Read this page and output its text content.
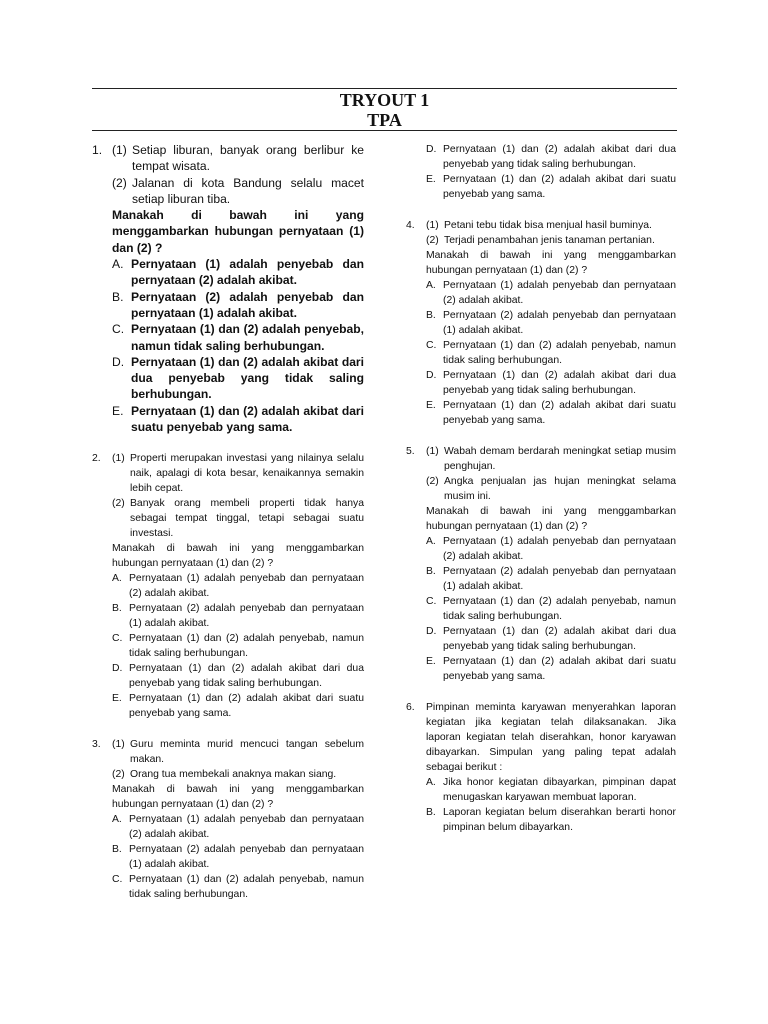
TRYOUT 1
TPA
1. (1) Setiap liburan, banyak orang berlibur ke tempat wisata.
(2) Jalanan di kota Bandung selalu macet setiap liburan tiba.
Manakah di bawah ini yang menggambarkan hubungan pernyataan (1) dan (2) ?
A. Pernyataan (1) adalah penyebab dan pernyataan (2) adalah akibat.
B. Pernyataan (2) adalah penyebab dan pernyataan (1) adalah akibat.
C. Pernyataan (1) dan (2) adalah penyebab, namun tidak saling berhubungan.
D. Pernyataan (1) dan (2) adalah akibat dari dua penyebab yang tidak saling berhubungan.
E. Pernyataan (1) dan (2) adalah akibat dari suatu penyebab yang sama.
2. (1) Properti merupakan investasi yang nilainya selalu naik, apalagi di kota besar, kenaikannya semakin lebih cepat.
(2) Banyak orang membeli properti tidak hanya sebagai tempat tinggal, tetapi sebagai suatu investasi.
Manakah di bawah ini yang menggambarkan hubungan pernyataan (1) dan (2) ?
A. Pernyataan (1) adalah penyebab dan pernyataan (2) adalah akibat.
B. Pernyataan (2) adalah penyebab dan pernyataan (1) adalah akibat.
C. Pernyataan (1) dan (2) adalah penyebab, namun tidak saling berhubungan.
D. Pernyataan (1) dan (2) adalah akibat dari dua penyebab yang tidak saling berhubungan.
E. Pernyataan (1) dan (2) adalah akibat dari suatu penyebab yang sama.
3. (1) Guru meminta murid mencuci tangan sebelum makan.
(2) Orang tua membekali anaknya makan siang.
Manakah di bawah ini yang menggambarkan hubungan pernyataan (1) dan (2) ?
A. Pernyataan (1) adalah penyebab dan pernyataan (2) adalah akibat.
B. Pernyataan (2) adalah penyebab dan pernyataan (1) adalah akibat.
C. Pernyataan (1) dan (2) adalah penyebab, namun tidak saling berhubungan.
D. Pernyataan (1) dan (2) adalah akibat dari dua penyebab yang tidak saling berhubungan.
E. Pernyataan (1) dan (2) adalah akibat dari suatu penyebab yang sama.
4. (1) Petani tebu tidak bisa menjual hasil buminya.
(2) Terjadi penambahan jenis tanaman pertanian.
Manakah di bawah ini yang menggambarkan hubungan pernyataan (1) dan (2) ?
A. Pernyataan (1) adalah penyebab dan pernyataan (2) adalah akibat.
B. Pernyataan (2) adalah penyebab dan pernyataan (1) adalah akibat.
C. Pernyataan (1) dan (2) adalah penyebab, namun tidak saling berhubungan.
D. Pernyataan (1) dan (2) adalah akibat dari dua penyebab yang tidak saling berhubungan.
E. Pernyataan (1) dan (2) adalah akibat dari suatu penyebab yang sama.
5. (1) Wabah demam berdarah meningkat setiap musim penghujan.
(2) Angka penjualan jas hujan meningkat selama musim ini.
Manakah di bawah ini yang menggambarkan hubungan pernyataan (1) dan (2) ?
A. Pernyataan (1) adalah penyebab dan pernyataan (2) adalah akibat.
B. Pernyataan (2) adalah penyebab dan pernyataan (1) adalah akibat.
C. Pernyataan (1) dan (2) adalah penyebab, namun tidak saling berhubungan.
D. Pernyataan (1) dan (2) adalah akibat dari dua penyebab yang tidak saling berhubungan.
E. Pernyataan (1) dan (2) adalah akibat dari suatu penyebab yang sama.
6. Pimpinan meminta karyawan menyerahkan laporan kegiatan jika kegiatan telah dilaksanakan. Jika laporan kegiatan telah diserahkan, honor karyawan dibayarkan. Simpulan yang paling tepat adalah sebagai berikut :
A. Jika honor kegiatan dibayarkan, pimpinan dapat menugaskan karyawan membuat laporan.
B. Laporan kegiatan belum diserahkan berarti honor pimpinan belum dibayarkan.
